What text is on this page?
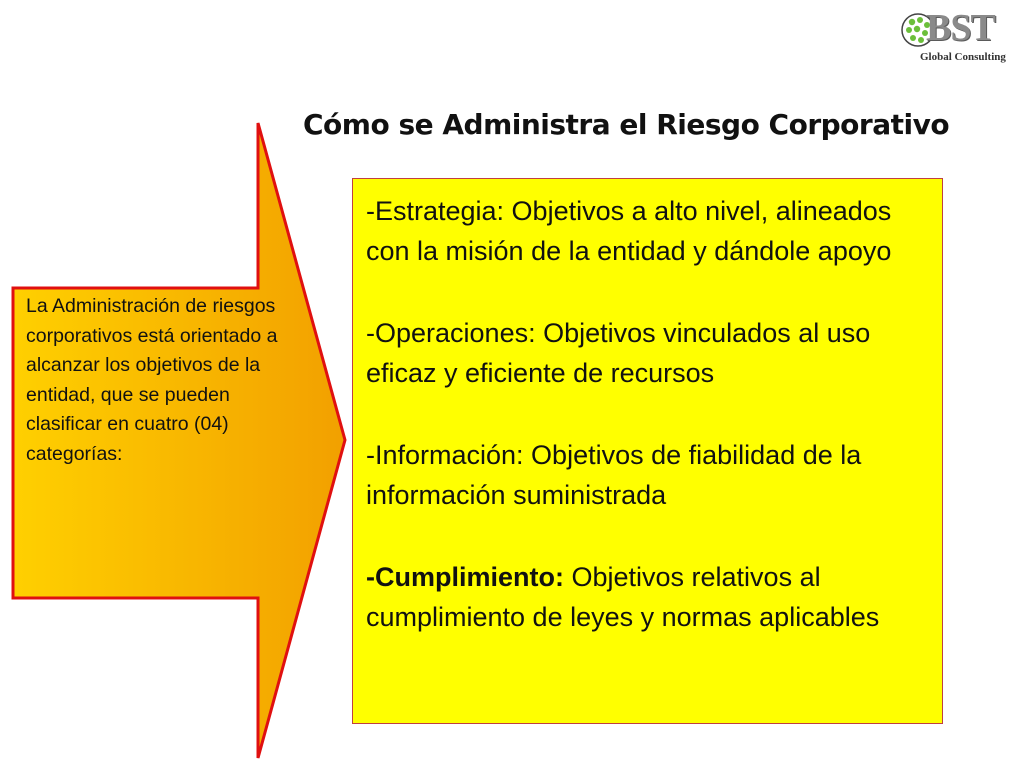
BST
Global Consulting
Cómo se Administra el Riesgo Corporativo
La Administración de riesgos corporativos está orientado a alcanzar los objetivos de la entidad, que se pueden clasificar en cuatro (04) categorías:
-Estrategia: Objetivos a alto nivel, alineados con la misión de la entidad y dándole apoyo
-Operaciones: Objetivos vinculados al uso eficaz y eficiente de recursos
-Información: Objetivos de fiabilidad de la información suministrada
-Cumplimiento: Objetivos relativos al cumplimiento de leyes y normas aplicables
